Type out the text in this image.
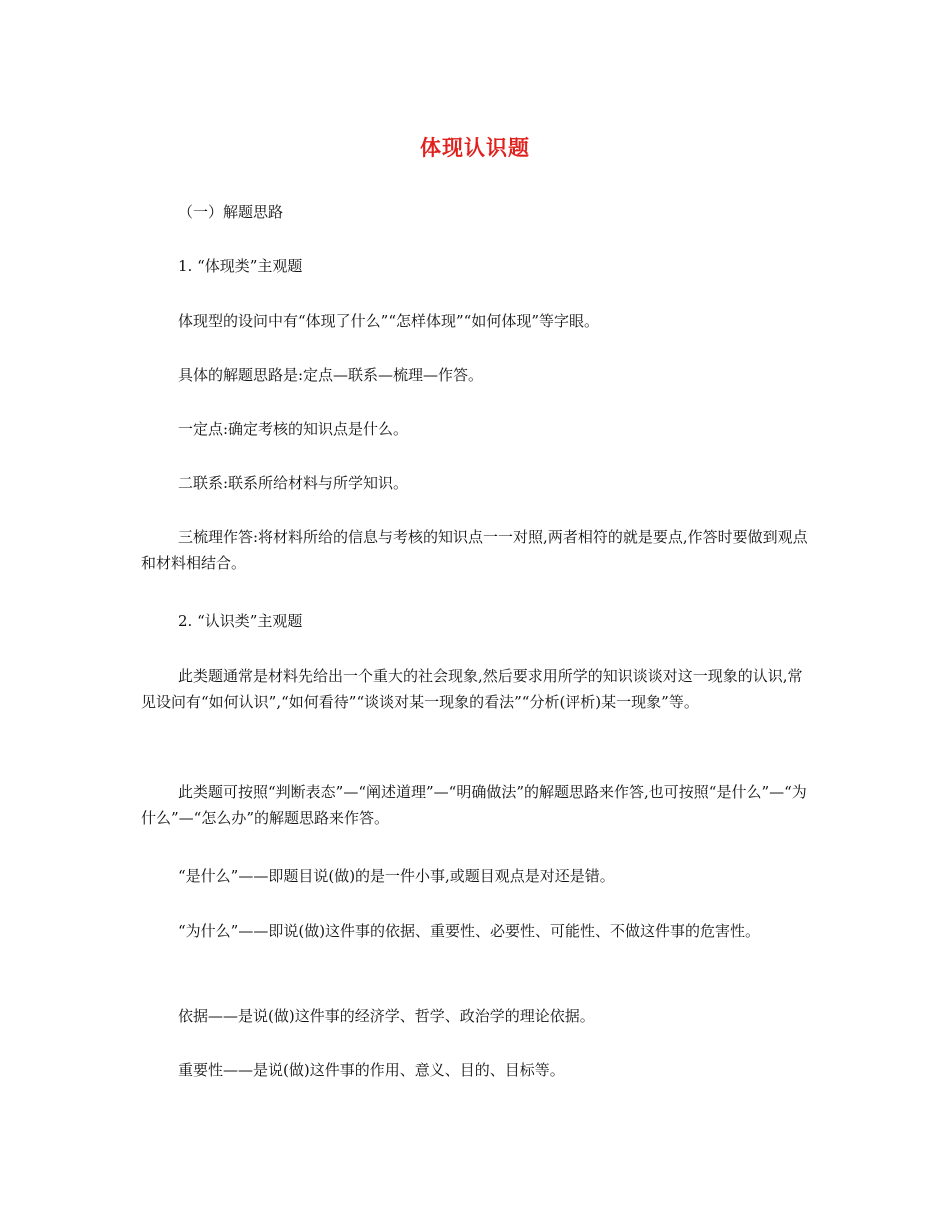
体现认识题

（一）解题思路

1. “体现类”主观题

体现型的设问中有“体现了什么”“怎样体现”“如何体现”等字眼。

具体的解题思路是:定点—联系—梳理—作答。

一定点:确定考核的知识点是什么。

二联系:联系所给材料与所学知识。

三梳理作答:将材料所给的信息与考核的知识点一一对照,两者相符的就是要点,作答时要做到观点和材料相结合。

2. “认识类”主观题

此类题通常是材料先给出一个重大的社会现象,然后要求用所学的知识谈谈对这一现象的认识,常见设问有“如何认识”,“如何看待”“谈谈对某一现象的看法”“分析(评析)某一现象”等。

此类题可按照“判断表态”—“阐述道理”—“明确做法”的解题思路来作答,也可按照“是什么”—“为什么”—“怎么办”的解题思路来作答。

“是什么”——即题目说(做)的是一件小事,或题目观点是对还是错。

“为什么”——即说(做)这件事的依据、重要性、必要性、可能性、不做这件事的危害性。

依据——是说(做)这件事的经济学、哲学、政治学的理论依据。

重要性——是说(做)这件事的作用、意义、目的、目标等。
